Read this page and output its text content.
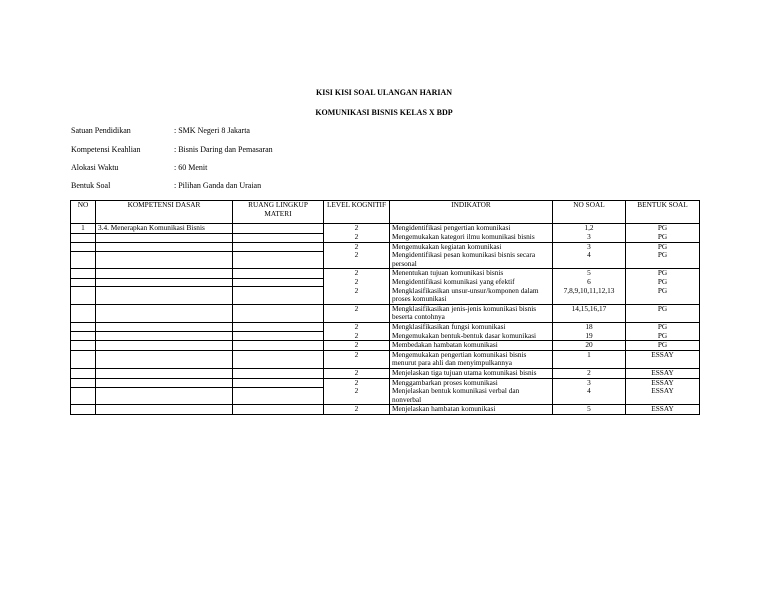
KISI KISI SOAL ULANGAN HARIAN
KOMUNIKASI BISNIS KELAS X BDP
Satuan Pendidikan	: SMK Negeri 8 Jakarta
Kompetensi Keahlian	: Bisnis Daring dan Pemasaran
Alokasi Waktu	: 60 Menit
Bentuk Soal	: Pilihan Ganda dan Uraian
NO	KOMPETENSI DASAR	RUANG LINGKUP MATERI	LEVEL KOGNITIF	INDIKATOR	NO SOAL	BENTUK SOAL
1	3.4. Menerapkan Komunikasi Bisnis		2	Mengidentifikasi pengertian komunikasi	1,2	PG
			2	Mengemukakan kategori ilmu komunikasi bisnis	3	PG
			2	Mengemukakan kegiatan komunikasi	3	PG
			2	Mengidentifikasi pesan komunikasi bisnis secara personal	4	PG
			2	Menentukan tujuan komunikasi bisnis	5	PG
			2	Mengidentifikasi komunikasi yang efektif	6	PG
			2	Mengklasifikasikan unsur-unsur/komponen dalam proses komunikasi	7,8,9,10,11,12,13	PG
			2	Mengklasifikasikan jenis-jenis komunikasi bisnis beserta contohnya	14,15,16,17	PG
			2	Mengklasifikasikan fungsi komunikasi	18	PG
			2	Mengemukakan bentuk-bentuk dasar komunikasi	19	PG
			2	Membedakan hambatan komunikasi	20	PG
			2	Mengemukakan pengertian komunikasi bisnis menurut para ahli dan menyimpulkannya	1	ESSAY
			2	Menjelaskan tiga tujuan utama komunikasi bisnis	2	ESSAY
			2	Menggambarkan proses komunikasi	3	ESSAY
			2	Menjelaskan bentuk komunikasi verbal dan nonverbal	4	ESSAY
			2	Menjelaskan hambatan komunikasi	5	ESSAY
